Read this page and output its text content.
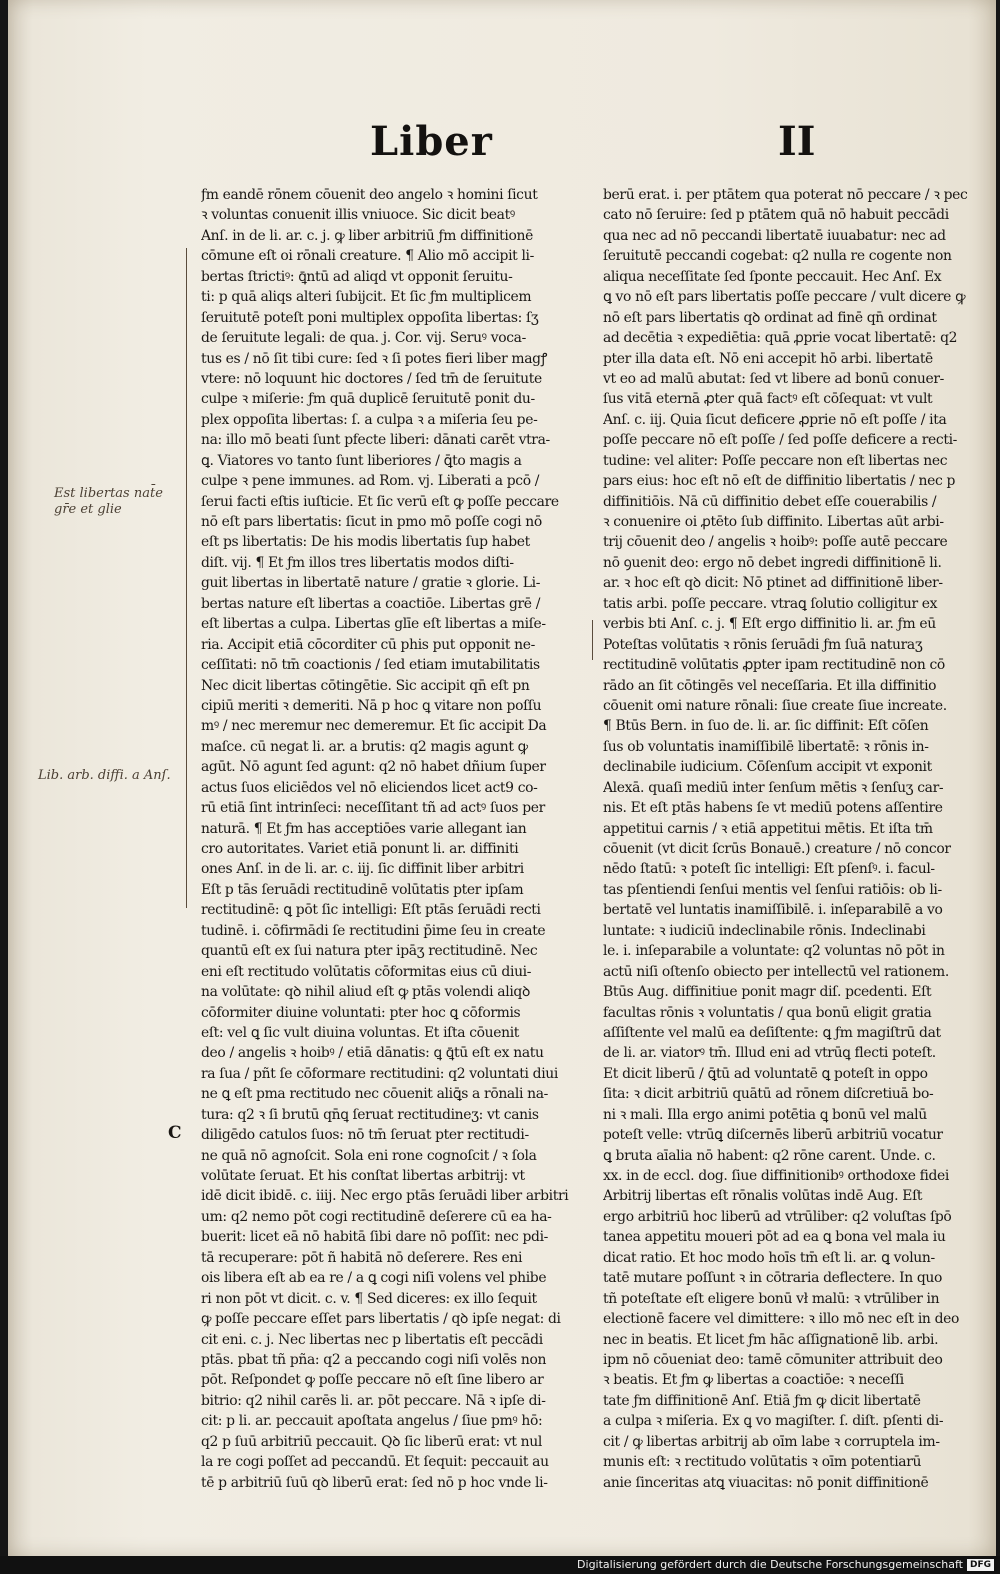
Liber	II
Est libertas nat̄e gr̄e et glie
Lib. arb. diffi. a Anſ.
C
ƒm eandē rōnem cōuenit deo angelo ꝛ homini ſicut
ꝛ voluntas conuenit illis vniuoce. Sic dicit beatꝰ
Anſ. in de li. ar. c. j. ꝙ liber arbitriū ƒm diffinitionē
cōmune eſt oi rōnali creature. ¶ Alio mō accipit li-
bertas ſtrictiꝰ: ꝗ̄ntū ad aliqd vt opponit ſeruitu-
ti: p quā aliqs alteri ſubijcit. Et ſic ƒm multiplicem
ſeruitutē poteſt poni multiplex oppoſita libertas: ſʒ
de ſeruitute legali: de qua. j. Cor. vij. Seruꝰ voca-
tus es / nō ſit tibi cure: ſed ꝛ ſi potes fieri liber magꝭ
vtere: nō loquunt hic doctores / ſed tm̄ de ſeruitute
culpe ꝛ miſerie: ƒm quā duplicē ſeruitutē ponit du-
plex oppoſita libertas: ſ. a culpa ꝛ a miſeria ſeu pe-
na: illo mō beati ſunt pfecte liberi: dānati carēt vtra-
ꝗ. Viatores vo tanto ſunt liberiores / ꝗ̄to magis a
culpe ꝛ pene immunes. ad Rom. vj. Liberati a pcō /
ſerui facti eſtis iuſticie. Et ſic verū eſt ꝙ poſſe peccare
nō eſt pars libertatis: ſicut in pmo mō poſſe cogi nō
eſt ps libertatis: De his modis libertatis ſup habet
diſt. vij. ¶ Et ƒm illos tres libertatis modos diſti-
guit libertas in libertatē nature / gratie ꝛ glorie. Li-
bertas nature eſt libertas a coactiōe. Libertas grē /
eſt libertas a culpa. Libertas glīe eſt libertas a miſe-
ria. Accipit etiā cōcorditer cū phis put opponit ne-
ceſſitati: nō tm̄ coactionis / ſed etiam imutabilitatis
Nec dicit libertas cōtingētie. Sic accipit qn̄ eſt pn
cipiū meriti ꝛ demeriti. Nā p hoc ꝗ vitare non poſſu
mꝰ / nec meremur nec demeremur. Et ſic accipit Da
maſce. cū negat li. ar. a brutis: q2 magis agunt ꝙ
agūt. Nō agunt ſed agunt: q2 nō habet dñium ſuper
actus ſuos eliciēdos vel nō eliciendos licet act9 co-
rū etiā ſint intrinſeci: neceſſitant tñ ad actꝰ ſuos per
naturā. ¶ Et ƒm has acceptiōes varie allegant ian
cro autoritates. Variet etiā ponunt li. ar. diffiniti
ones Anſ. in de li. ar. c. iij. ſic diffinit liber arbitri
Eſt p tās ſeruādi rectitudinē volūtatis pter ipſam
rectitudinē: ꝗ pōt ſic intelligi: Eſt ptās ſeruādi recti
tudinē. i. cōfirmādi ſe rectitudini p̄ime ſeu in create
quantū eſt ex ſui natura pter ipāʒ rectitudinē. Nec
eni eſt rectitudo volūtatis cōformitas eius cū diui-
na volūtate: qꝺ nihil aliud eſt ꝙ ptās volendi aliqꝺ
cōformiter diuine voluntati: pter hoc ꝗ cōformis
eſt: vel ꝗ ſic vult diuina voluntas. Et iſta cōuenit
deo / angelis ꝛ hoibꝰ / etiā dānatis: ꝗ ꝗ̄tū eſt ex natu
ra ſua / pñt ſe cōformare rectitudini: q2 voluntati diui
ne ꝗ eſt pma rectitudo nec cōuenit aliꝗ̄s a rōnali na-
tura: q2 ꝛ ſi brutū qn̄ꝗ ſeruat rectitudineʒ: vt canis
diligēdo catulos ſuos: nō tm̄ ſeruat pter rectitudi-
ne quā nō agnoſcit. Sola eni rone cognoſcit / ꝛ ſola
volūtate ſeruat. Et his conſtat libertas arbitrij: vt
idē dicit ibidē. c. iiij. Nec ergo ptās ſeruādi liber arbitri
um: q2 nemo pōt cogi rectitudinē deſerere cū ea ha-
buerit: licet eā nō habitā ſibi dare nō poſſit: nec pdi-
tā recuperare: pōt ñ habitā nō deſerere. Res eni
ois libera eſt ab ea re / a ꝗ cogi niſi volens vel phibe
ri non pōt vt dicit. c. v. ¶ Sed diceres: ex illo ſequit
ꝙ poſſe peccare eſſet pars libertatis / qꝺ ipſe negat: di
cit eni. c. j. Nec libertas nec p libertatis eſt peccādi
ptās. pbat tñ pña: q2 a peccando cogi niſi volēs non
pōt. Reſpondet ꝙ poſſe peccare nō eſt ſine libero ar
bitrio: q2 nihil carēs li. ar. pōt peccare. Nā ꝛ ipſe di-
cit: p li. ar. peccauit apoſtata angelus / ſiue pmꝰ hō:
q2 p ſuū arbitriū peccauit. Qꝺ ſic liberū erat: vt nul
la re cogi poſſet ad peccandū. Et ſequit: peccauit au
tē p arbitriū ſuū qꝺ liberū erat: ſed nō p hoc vnde li-
berū erat. i. per ptātem qua poterat nō peccare / ꝛ pec
cato nō ſeruire: ſed p ptātem quā nō habuit peccādi
qua nec ad nō peccandi libertatē iuuabatur: nec ad
ſeruitutē peccandi cogebat: q2 nulla re cogente non
aliqua neceſſitate ſed ſponte peccauit. Hec Anſ. Ex
ꝗ vo nō eſt pars libertatis poſſe peccare / vult dicere ꝙ
nō eſt pars libertatis qꝺ ordinat ad finē qn̄ ordinat
ad decētia ꝛ expediētia: quā ꝓprie vocat libertatē: q2
pter illa data eſt. Nō eni accepit hō arbi. libertatē
vt eo ad malū abutat: ſed vt libere ad bonū conuer-
ſus vitā eternā ꝓter quā factꝰ eſt cōſequat: vt vult
Anſ. c. iij. Quia ſicut deficere ꝓprie nō eſt poſſe / ita
poſſe peccare nō eſt poſſe / ſed poſſe deficere a recti-
tudine: vel aliter: Poſſe peccare non eſt libertas nec
pars eius: hoc eſt nō eſt de diffinitio libertatis / nec p
diffinitiōis. Nā cū diffinitio debet eſſe couerabilis /
ꝛ conuenire oi ꝓtēto ſub diffinito. Libertas aūt arbi-
trij cōuenit deo / angelis ꝛ hoibꝰ: poſſe autē peccare
nō ꝯuenit deo: ergo nō debet ingredi diffinitionē li.
ar. ꝛ hoc eſt qꝺ dicit: Nō ptinet ad diffinitionē liber-
tatis arbi. poſſe peccare. vtraꝗ ſolutio colligitur ex
verbis bti Anſ. c. j. ¶ Eſt ergo diffinitio li. ar. ƒm eū
Poteſtas volūtatis ꝛ rōnis ſeruādi ƒm ſuā naturaʒ
rectitudinē volūtatis ꝓpter ipam rectitudinē non cō
rādo an ſit cōtingēs vel neceſſaria. Et illa diffinitio
cōuenit omi nature rōnali: ſiue create ſiue increate.
¶ Btūs Bern. in ſuo de. li. ar. ſic diffinit: Eſt cōſen
ſus ob voluntatis inamiſſibilē libertatē: ꝛ rōnis in-
declinabile iudicium. Cōſenſum accipit vt exponit
Alexā. quaſi mediū inter ſenſum mētis ꝛ ſenſuʒ car-
nis. Et eſt ptās habens ſe vt mediū potens aſſentire
appetitui carnis / ꝛ etiā appetitui mētis. Et iſta tm̄
cōuenit (vt dicit ſcrūs Bonauē.) creature / nō concor
nēdo ſtatū: ꝛ poteſt ſic intelligi: Eſt pſenſꝰ. i. facul-
tas pſentiendi ſenſui mentis vel ſenſui ratiōis: ob li-
bertatē vel luntatis inamiſſibilē. i. inſeparabilē a vo
luntate: ꝛ iudiciū indeclinabile rōnis. Indeclinabi
le. i. inſeparabile a voluntate: q2 voluntas nō pōt in
actū niſi oſtenſo obiecto per intellectū vel rationem.
Btūs Aug. diffinitiue ponit magr diſ. pcedenti. Eſt
facultas rōnis ꝛ voluntatis / qua bonū eligit gratia
aſſiſtente vel malū ea deſiſtente: ꝗ ƒm magiſtrū dat
de li. ar. viatorꝰ tm̄. Illud eni ad vtrūꝗ flecti poteſt.
Et dicit liberū / ꝗ̄tū ad voluntatē ꝗ poteſt in oppo
ſita: ꝛ dicit arbitriū quātū ad rōnem diſcretiuā bo-
ni ꝛ mali. Illa ergo animi potētia ꝗ bonū vel malū
poteſt velle: vtrūꝗ diſcernēs liberū arbitriū vocatur
ꝗ bruta aīalia nō habent: q2 rōne carent. Unde. c.
xx. in de eccl. dog. ſiue diffinitionibꝰ orthodoxe fidei
Arbitrij libertas eſt rōnalis volūtas indē Aug. Eſt
ergo arbitriū hoc liberū ad vtrūliber: q2 voluſtas ſpō
tanea appetitu moueri pōt ad ea ꝗ bona vel mala iu
dicat ratio. Et hoc modo hoīs tm̄ eſt li. ar. ꝗ volun-
tatē mutare poſſunt ꝛ in cōtraria deflectere. In quo
tñ poteſtate eſt eligere bonū vł malū: ꝛ vtrūliber in
electionē facere vel dimittere: ꝛ illo mō nec eſt in deo
nec in beatis. Et licet ƒm hāc aſſignationē lib. arbi.
ipm nō cōueniat deo: tamē cōmuniter attribuit deo
ꝛ beatis. Et ƒm ꝙ libertas a coactiōe: ꝛ neceſſi
tate ƒm diffinitionē Anſ. Etiā ƒm ꝙ dicit libertatē
a culpa ꝛ miſeria. Ex ꝗ vo magiſter. ſ. diſt. pſenti di-
cit / ꝙ libertas arbitrij ab oīm labe ꝛ corruptela im-
munis eſt: ꝛ rectitudo volūtatis ꝛ oīm potentiarū
anie ſinceritas atꝗ viuacitas: nō ponit diffinitionē
Digitalisierung gefördert durch die Deutsche Forschungsgemeinschaft DFG
